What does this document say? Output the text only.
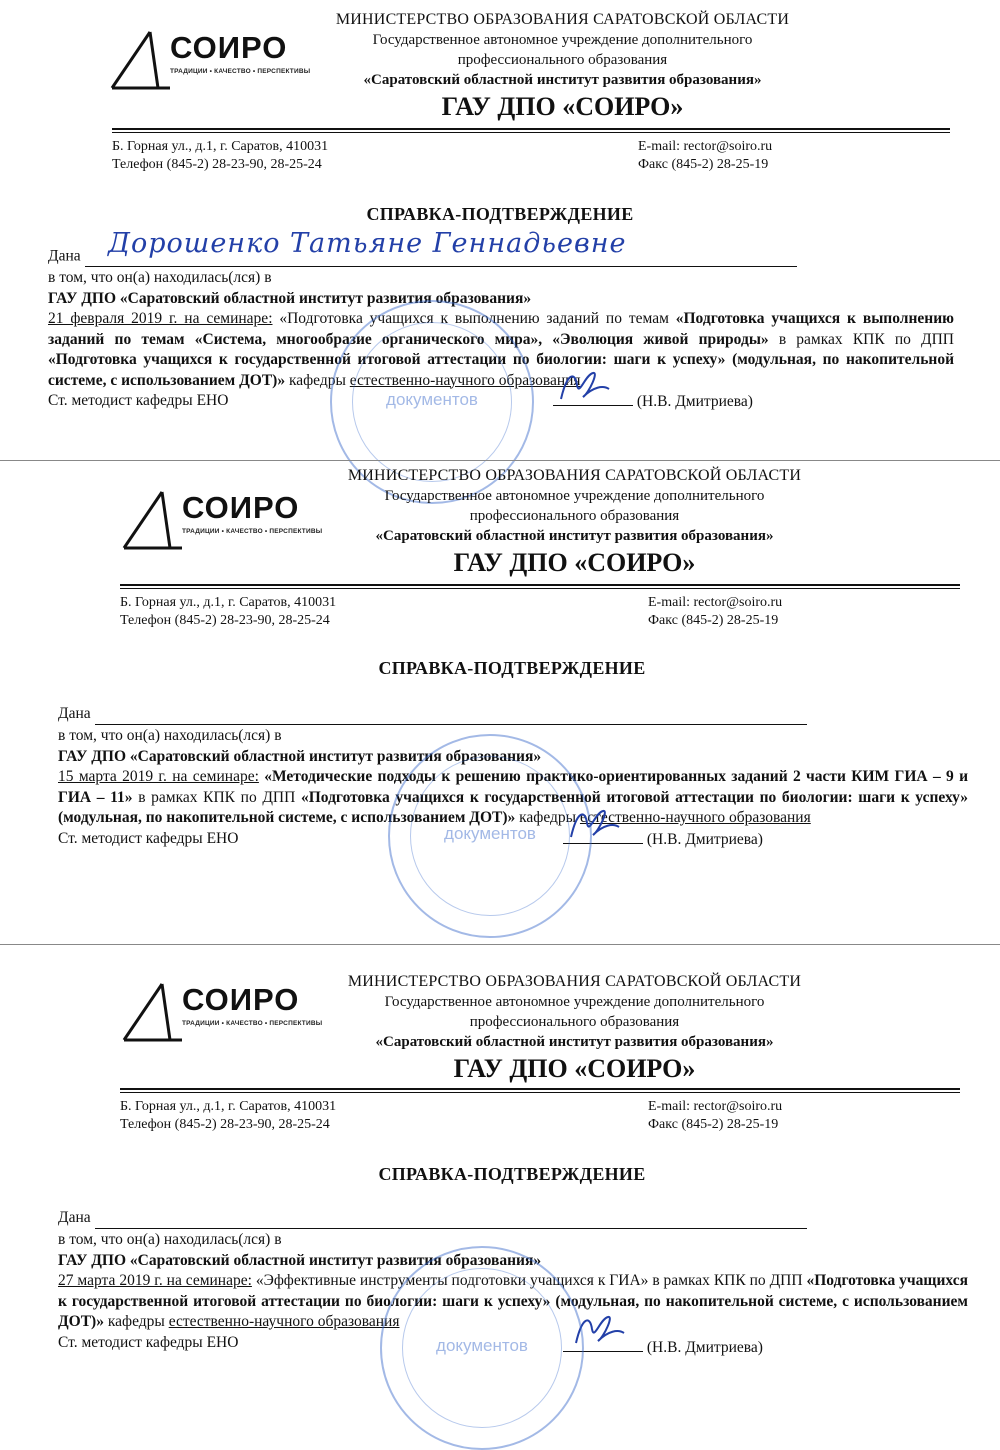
СОИРО
ТРАДИЦИИ • КАЧЕСТВО • ПЕРСПЕКТИВЫ
МИНИСТЕРСТВО ОБРАЗОВАНИЯ САРАТОВСКОЙ ОБЛАСТИ
Государственное автономное учреждение дополнительного
профессионального образования
«Саратовский областной институт развития образования»
ГАУ ДПО «СОИРО»
Б. Горная ул., д.1, г. Саратов, 410031
Телефон (845-2) 28-23-90, 28-25-24
E-mail: rector@soiro.ru
Факс (845-2) 28-25-19
СПРАВКА-ПОДТВЕРЖДЕНИЕ
Дана Дорошенко Татьяне Геннадьевне
в том, что он(а) находилась(лся) в
ГАУ ДПО «Саратовский областной институт развития образования»
21 февраля 2019 г. на семинаре: «Подготовка учащихся к выполнению заданий по темам «Подготовка учащихся к выполнению заданий по темам «Система, многообразие органического мира», «Эволюция живой природы» в рамках КПК по ДПП «Подготовка учащихся к государственной итоговой аттестации по биологии: шаги к успеху» (модульная, по накопительной системе, с использованием ДОТ)» кафедры естественно-научного образования
Ст. методист кафедры ЕНО	(Н.В. Дмитриева)
документов
СОИРО
ТРАДИЦИИ • КАЧЕСТВО • ПЕРСПЕКТИВЫ
МИНИСТЕРСТВО ОБРАЗОВАНИЯ САРАТОВСКОЙ ОБЛАСТИ
Государственное автономное учреждение дополнительного
профессионального образования
«Саратовский областной институт развития образования»
ГАУ ДПО «СОИРО»
Б. Горная ул., д.1, г. Саратов, 410031
Телефон (845-2) 28-23-90, 28-25-24
E-mail: rector@soiro.ru
Факс (845-2) 28-25-19
СПРАВКА-ПОДТВЕРЖДЕНИЕ
Дана
в том, что он(а) находилась(лся) в
ГАУ ДПО «Саратовский областной институт развития образования»
15 марта 2019 г. на семинаре: «Методические подходы к решению практико-ориентированных заданий 2 части КИМ ГИА – 9 и ГИА – 11» в рамках КПК по ДПП «Подготовка учащихся к государственной итоговой аттестации по биологии: шаги к успеху» (модульная, по накопительной системе, с использованием ДОТ)» кафедры естественно-научного образования
Ст. методист кафедры ЕНО	(Н.В. Дмитриева)
документов
СОИРО
ТРАДИЦИИ • КАЧЕСТВО • ПЕРСПЕКТИВЫ
МИНИСТЕРСТВО ОБРАЗОВАНИЯ САРАТОВСКОЙ ОБЛАСТИ
Государственное автономное учреждение дополнительного
профессионального образования
«Саратовский областной институт развития образования»
ГАУ ДПО «СОИРО»
Б. Горная ул., д.1, г. Саратов, 410031
Телефон (845-2) 28-23-90, 28-25-24
E-mail: rector@soiro.ru
Факс (845-2) 28-25-19
СПРАВКА-ПОДТВЕРЖДЕНИЕ
Дана
в том, что он(а) находилась(лся) в
ГАУ ДПО «Саратовский областной институт развития образования»
27 марта 2019 г. на семинаре: «Эффективные инструменты подготовки учащихся к ГИА» в рамках КПК по ДПП «Подготовка учащихся к государственной итоговой аттестации по биологии: шаги к успеху» (модульная, по накопительной системе, с использованием ДОТ)» кафедры естественно-научного образования
Ст. методист кафедры ЕНО	(Н.В. Дмитриева)
документов
